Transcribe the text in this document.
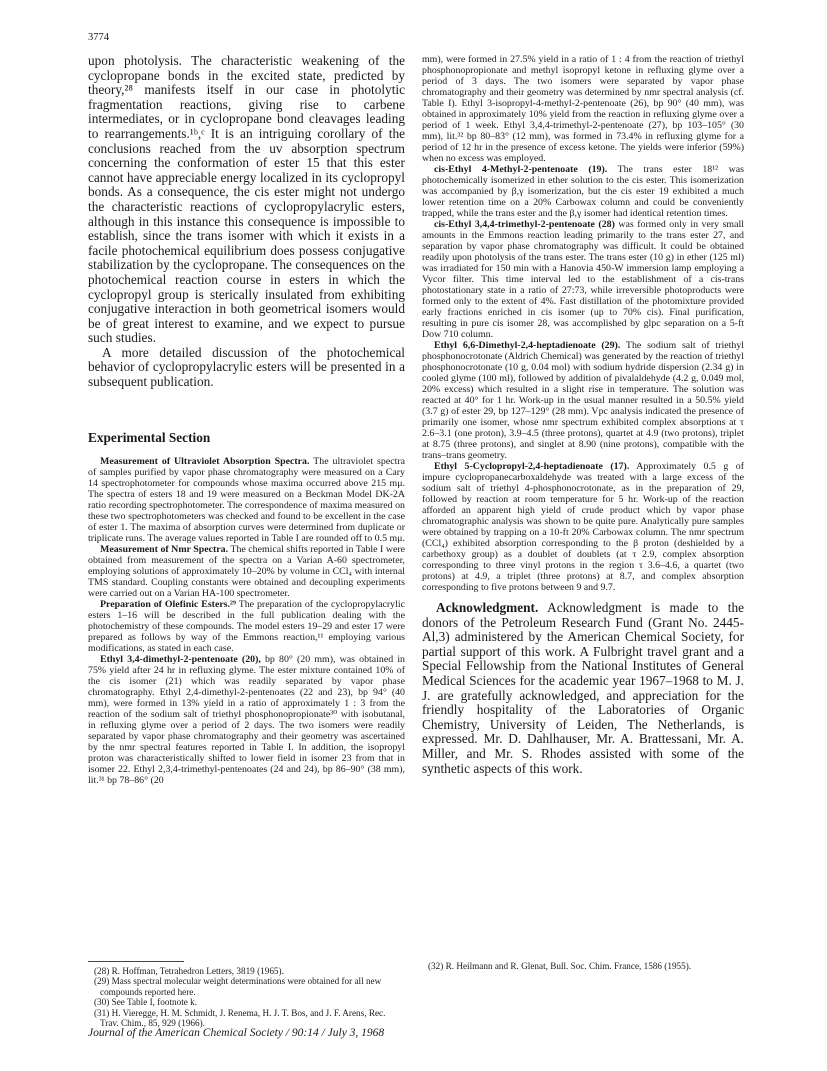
3774

upon photolysis. The characteristic weakening of the cyclopropane bonds in the excited state, predicted by theory,²⁸ manifests itself in our case in photolytic fragmentation reactions, giving rise to carbene intermediates, or in cyclopropane bond cleavages leading to rearrangements.¹ᵇ,ᶜ It is an intriguing corollary of the conclusions reached from the uv absorption spectrum concerning the conformation of ester 15 that this ester cannot have appreciable energy localized in its cyclopropyl bonds. As a consequence, the cis ester might not undergo the characteristic reactions of cyclopropylacrylic esters, although in this instance this consequence is impossible to establish, since the trans isomer with which it exists in a facile photochemical equilibrium does possess conjugative stabilization by the cyclopropane. The consequences on the photochemical reaction course in esters in which the cyclopropyl group is sterically insulated from exhibiting conjugative interaction in both geometrical isomers would be of great interest to examine, and we expect to pursue such studies.

A more detailed discussion of the photochemical behavior of cyclopropylacrylic esters will be presented in a subsequent publication.

Experimental Section

Measurement of Ultraviolet Absorption Spectra. The ultraviolet spectra of samples purified by vapor phase chromatography were measured on a Cary 14 spectrophotometer for compounds whose maxima occurred above 215 mμ. The spectra of esters 18 and 19 were measured on a Beckman Model DK-2A ratio recording spectrophotometer. The correspondence of maxima measured on these two spectrophotometers was checked and found to be excellent in the case of ester 1. The maxima of absorption curves were determined from duplicate or triplicate runs. The average values reported in Table I are rounded off to 0.5 mμ.

Measurement of Nmr Spectra. The chemical shifts reported in Table I were obtained from measurement of the spectra on a Varian A-60 spectrometer, employing solutions of approximately 10–20% by volume in CCl₄ with internal TMS standard. Coupling constants were obtained and decoupling experiments were carried out on a Varian HA-100 spectrometer.

Preparation of Olefinic Esters.²⁹ The preparation of the cyclopropylacrylic esters 1–16 will be described in the full publication dealing with the photochemistry of these compounds. The model esters 19–29 and ester 17 were prepared as follows by way of the Emmons reaction,¹¹ employing various modifications, as stated in each case.

Ethyl 3,4-dimethyl-2-pentenoate (20), bp 80° (20 mm), was obtained in 75% yield after 24 hr in refluxing glyme. The ester mixture contained 10% of the cis isomer (21) which was readily separated by vapor phase chromatography. Ethyl 2,4-dimethyl-2-pentenoates (22 and 23), bp 94° (40 mm), were formed in 13% yield in a ratio of approximately 1 : 3 from the reaction of the sodium salt of triethyl phosphonopropionate³⁰ with isobutanal, in refluxing glyme over a period of 2 days. The two isomers were readily separated by vapor phase chromatography and their geometry was ascertained by the nmr spectral features reported in Table I. In addition, the isopropyl proton was characteristically shifted to lower field in isomer 23 from that in isomer 22. Ethyl 2,3,4-trimethyl-pentenoates (24 and 24), bp 86–90° (38 mm), lit.³¹ bp 78–86° (20

mm), were formed in 27.5% yield in a ratio of 1 : 4 from the reaction of triethyl phosphonopropionate and methyl isopropyl ketone in refluxing glyme over a period of 3 days. The two isomers were separated by vapor phase chromatography and their geometry was determined by nmr spectral analysis (cf. Table I). Ethyl 3-isopropyl-4-methyl-2-pentenoate (26), bp 90° (40 mm), was obtained in approximately 10% yield from the reaction in refluxing glyme over a period of 1 week. Ethyl 3,4,4-trimethyl-2-pentenoate (27), bp 103–105° (30 mm), lit.³² bp 80–83° (12 mm), was formed in 73.4% in refluxing glyme for a period of 12 hr in the presence of excess ketone. The yields were inferior (59%) when no excess was employed.

cis-Ethyl 4-Methyl-2-pentenoate (19). The trans ester 18¹² was photochemically isomerized in ether solution to the cis ester. This isomerization was accompanied by β,γ isomerization, but the cis ester 19 exhibited a much lower retention time on a 20% Carbowax column and could be conveniently trapped, while the trans ester and the β,γ isomer had identical retention times.

cis-Ethyl 3,4,4-trimethyl-2-pentenoate (28) was formed only in very small amounts in the Emmons reaction leading primarily to the trans ester 27, and separation by vapor phase chromatography was difficult. It could be obtained readily upon photolysis of the trans ester. The trans ester (10 g) in ether (125 ml) was irradiated for 150 min with a Hanovia 450-W immersion lamp employing a Vycor filter. This time interval led to the establishment of a cis-trans photostationary state in a ratio of 27:73, while irreversible photoproducts were formed only to the extent of 4%. Fast distillation of the photomixture provided early fractions enriched in cis isomer (up to 70% cis). Final purification, resulting in pure cis isomer 28, was accomplished by glpc separation on a 5-ft Dow 710 column.

Ethyl 6,6-Dimethyl-2,4-heptadienoate (29). The sodium salt of triethyl phosphonocrotonate (Aldrich Chemical) was generated by the reaction of triethyl phosphonocrotonate (10 g, 0.04 mol) with sodium hydride dispersion (2.34 g) in cooled glyme (100 ml), followed by addition of pivalaldehyde (4.2 g, 0.049 mol, 20% excess) which resulted in a slight rise in temperature. The solution was reacted at 40° for 1 hr. Work-up in the usual manner resulted in a 50.5% yield (3.7 g) of ester 29, bp 127–129° (28 mm). Vpc analysis indicated the presence of primarily one isomer, whose nmr spectrum exhibited complex absorptions at τ 2.6–3.1 (one proton), 3.9–4.5 (three protons), quartet at 4.9 (two protons), triplet at 8.75 (three protons), and singlet at 8.90 (nine protons), compatible with the trans–trans geometry.

Ethyl 5-Cyclopropyl-2,4-heptadienoate (17). Approximately 0.5 g of impure cyclopropanecarboxaldehyde was treated with a large excess of the sodium salt of triethyl 4-phosphonocrotonate, as in the preparation of 29, followed by reaction at room temperature for 5 hr. Work-up of the reaction afforded an apparent high yield of crude product which by vapor phase chromatographic analysis was shown to be quite pure. Analytically pure samples were obtained by trapping on a 10-ft 20% Carbowax column. The nmr spectrum (CCl₄) exhibited absorption corresponding to the β proton (deshielded by a carbethoxy group) as a doublet of doublets (at τ 2.9, complex absorption corresponding to three vinyl protons in the region τ 3.6–4.6, a quartet (two protons) at 4.9, a triplet (three protons) at 8.7, and complex absorption corresponding to five protons between 9 and 9.7.

Acknowledgment. Acknowledgment is made to the donors of the Petroleum Research Fund (Grant No. 2445-Al,3) administered by the American Chemical Society, for partial support of this work. A Fulbright travel grant and a Special Fellowship from the National Institutes of General Medical Sciences for the academic year 1967–1968 to M. J. J. are gratefully acknowledged, and appreciation for the friendly hospitality of the Laboratories of Organic Chemistry, University of Leiden, The Netherlands, is expressed. Mr. D. Dahlhauser, Mr. A. Brattessani, Mr. A. Miller, and Mr. S. Rhodes assisted with some of the synthetic aspects of this work.

(28) R. Hoffman, Tetrahedron Letters, 3819 (1965).

(29) Mass spectral molecular weight determinations were obtained for all new compounds reported here.

(30) See Table I, footnote k.

(31) H. Vieregge, H. M. Schmidt, J. Renema, H. J. T. Bos, and J. F. Arens, Rec. Trav. Chim., 85, 929 (1966).

(32) R. Heilmann and R. Glenat, Bull. Soc. Chim. France, 1586 (1955).

Journal of the American Chemical Society / 90:14 / July 3, 1968
